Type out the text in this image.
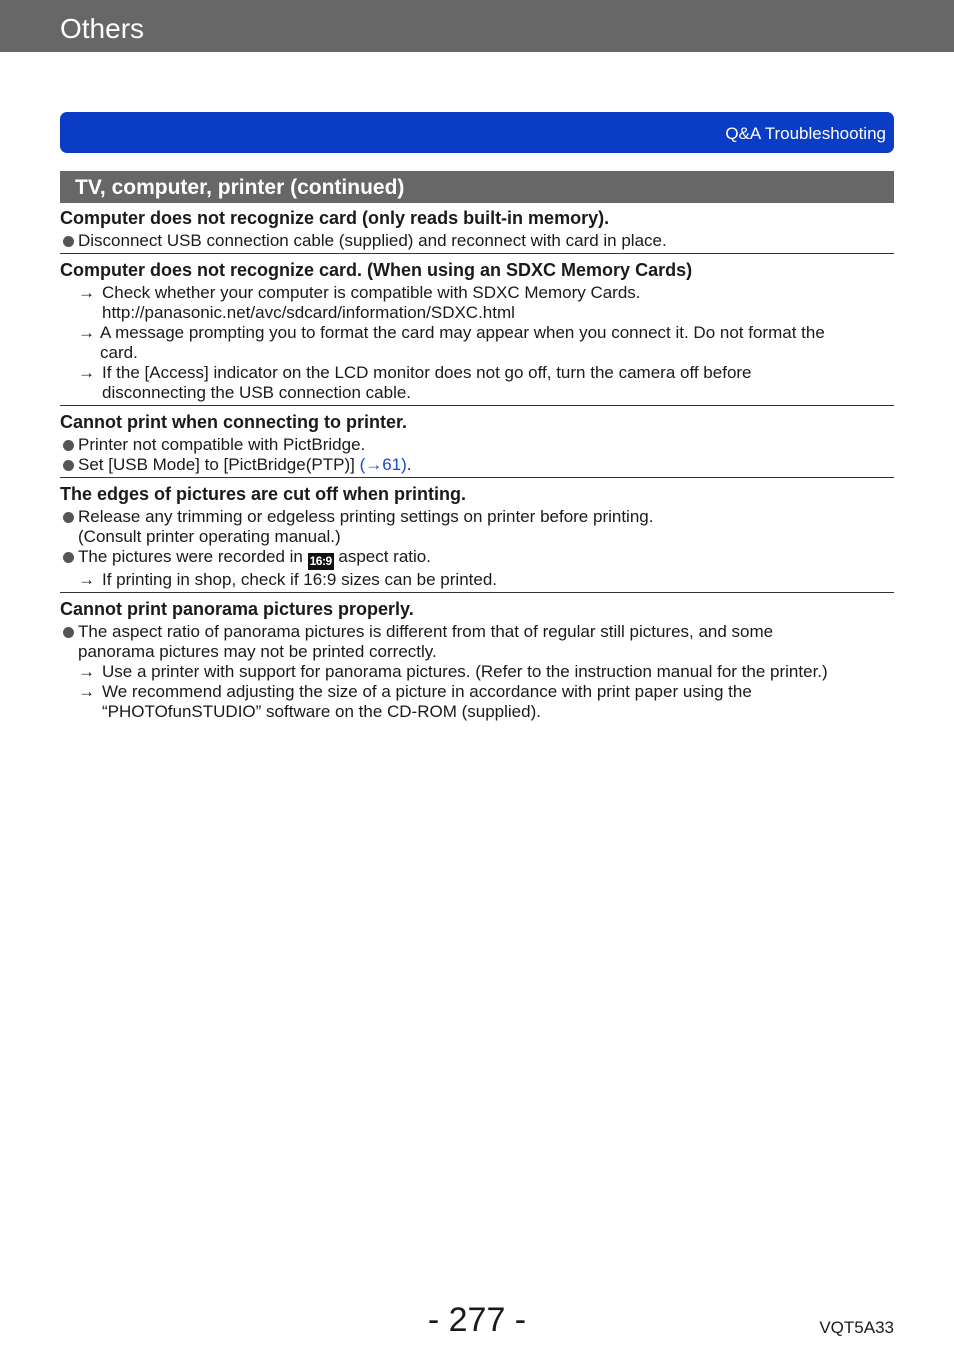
Others
Q&A Troubleshooting
TV, computer, printer (continued)
Computer does not recognize card (only reads built-in memory).
Disconnect USB connection cable (supplied) and reconnect with card in place.
Computer does not recognize card. (When using an SDXC Memory Cards)
→ Check whether your computer is compatible with SDXC Memory Cards.
http://panasonic.net/avc/sdcard/information/SDXC.html
→ A message prompting you to format the card may appear when you connect it. Do not format the
card.
→ If the [Access] indicator on the LCD monitor does not go off, turn the camera off before
disconnecting the USB connection cable.
Cannot print when connecting to printer.
Printer not compatible with PictBridge.
Set [USB Mode] to [PictBridge(PTP)] (→61).
The edges of pictures are cut off when printing.
Release any trimming or edgeless printing settings on printer before printing.
(Consult printer operating manual.)
The pictures were recorded in 16:9 aspect ratio.
→ If printing in shop, check if 16:9 sizes can be printed.
Cannot print panorama pictures properly.
The aspect ratio of panorama pictures is different from that of regular still pictures, and some
panorama pictures may not be printed correctly.
→ Use a printer with support for panorama pictures. (Refer to the instruction manual for the printer.)
→ We recommend adjusting the size of a picture in accordance with print paper using the
“PHOTOfunSTUDIO” software on the CD-ROM (supplied).
- 277 -	VQT5A33
